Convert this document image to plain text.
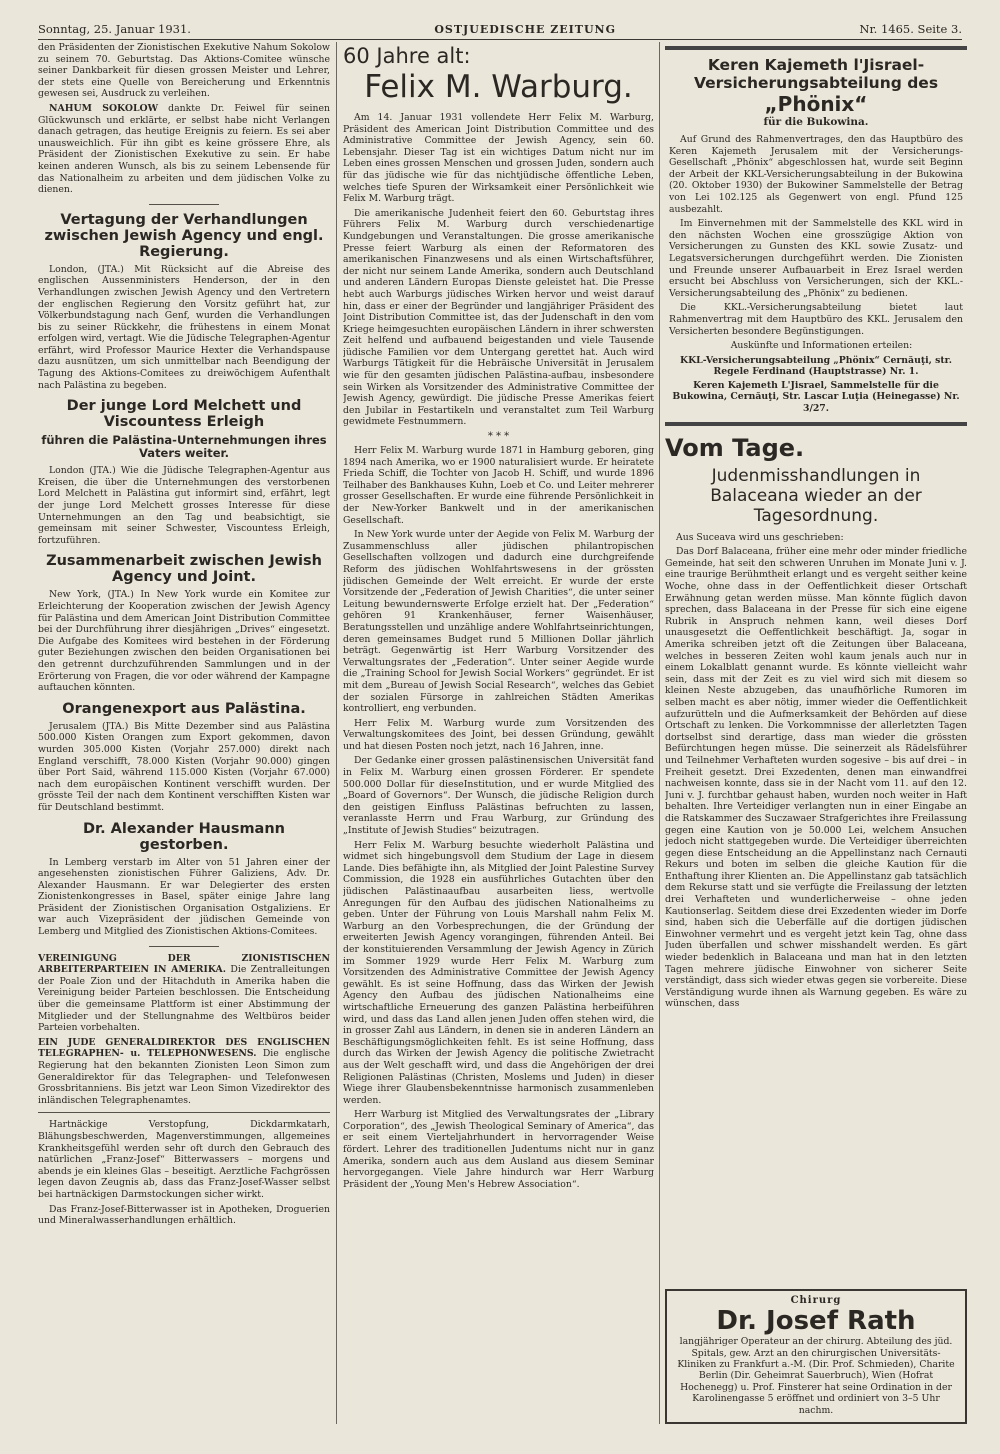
Sonntag, 25. Januar 1931.	OSTJUEDISCHE ZEITUNG	Nr. 1465. Seite 3.

den Präsidenten der Zionistischen Exekutive Nahum Sokolow zu seinem 70. Geburtstag. Das Aktions-Comitee wünsche seiner Dankbarkeit für diesen grossen Meister und Lehrer, der stets eine Quelle von Bereicherung und Erkenntnis gewesen sei, Ausdruck zu verleihen.

NAHUM SOKOLOW dankte Dr. Feiwel für seinen Glückwunsch und erklärte, er selbst habe nicht Verlangen danach getragen, das heutige Ereignis zu feiern. Es sei aber unausweichlich. Für ihn gibt es keine grössere Ehre, als Präsident der Zionistischen Exekutive zu sein. Er habe keinen anderen Wunsch, als bis zu seinem Lebensende für das Nationalheim zu arbeiten und dem jüdischen Volke zu dienen.

Vertagung der Verhandlungen zwischen Jewish Agency und engl. Regierung.

London, (JTA.) Mit Rücksicht auf die Abreise des englischen Aussenministers Henderson, der in den Verhandlungen zwischen Jewish Agency und den Vertretern der englischen Regierung den Vorsitz geführt hat, zur Völkerbundstagung nach Genf, wurden die Verhandlungen bis zu seiner Rückkehr, die frühestens in einem Monat erfolgen wird, vertagt. Wie die Jüdische Telegraphen-Agentur erfährt, wird Professor Maurice Hexter die Verhandspause dazu ausnützen, um sich unmittelbar nach Beendigung der Tagung des Aktions-Comitees zu dreiwöchigem Aufenthalt nach Palästina zu begeben.

Der junge Lord Melchett und Viscountess Erleigh
führen die Palästina-Unternehmungen ihres Vaters weiter.

London (JTA.) Wie die Jüdische Telegraphen-Agentur aus Kreisen, die über die Unternehmungen des verstorbenen Lord Melchett in Palästina gut informirt sind, erfährt, legt der junge Lord Melchett grosses Interesse für diese Unternehmungen an den Tag und beabsichtigt, sie gemeinsam mit seiner Schwester, Viscountess Erleigh, fortzuführen.

Zusammenarbeit zwischen Jewish Agency und Joint.

New York, (JTA.) In New York wurde ein Komitee zur Erleichterung der Kooperation zwischen der Jewish Agency für Palästina und dem American Joint Distribution Committee bei der Durchführung ihrer diesjährigen „Drives“ eingesetzt. Die Aufgabe des Komitees wird bestehen in der Förderung guter Beziehungen zwischen den beiden Organisationen bei den getrennt durchzuführenden Sammlungen und in der Erörterung von Fragen, die vor oder während der Kampagne auftauchen könnten.

Orangenexport aus Palästina.

Jerusalem (JTA.) Bis Mitte Dezember sind aus Palästina 500.000 Kisten Orangen zum Export gekommen, davon wurden 305.000 Kisten (Vorjahr 257.000) direkt nach England verschifft, 78.000 Kisten (Vorjahr 90.000) gingen über Port Said, während 115.000 Kisten (Vorjahr 67.000) nach dem europäischen Kontinent verschifft wurden. Der grösste Teil der nach dem Kontinent verschifften Kisten war für Deutschland bestimmt.

Dr. Alexander Hausmann gestorben.

In Lemberg verstarb im Alter von 51 Jahren einer der angesehensten zionistischen Führer Galiziens, Adv. Dr. Alexander Hausmann. Er war Delegierter des ersten Zionistenkongresses in Basel, später einige Jahre lang Präsident der Zionistischen Organisation Ostgaliziens. Er war auch Vizepräsident der jüdischen Gemeinde von Lemberg und Mitglied des Zionistischen Aktions-Comitees.

VEREINIGUNG DER ZIONISTISCHEN ARBEITERPARTEIEN IN AMERIKA. Die Zentralleitungen der Poale Zion und der Hitachduth in Amerika haben die Vereinigung beider Parteien beschlossen. Die Entscheidung über die gemeinsame Plattform ist einer Abstimmung der Mitglieder und der Stellungnahme des Weltbüros beider Parteien vorbehalten.

EIN JUDE GENERALDIREKTOR DES ENGLISCHEN TELEGRAPHEN- u. TELEPHONWESENS. Die englische Regierung hat den bekannten Zionisten Leon Simon zum Generaldirektor für das Telegraphen- und Telefonwesen Grossbritanniens. Bis jetzt war Leon Simon Vizedirektor des inländischen Telegraphenamtes.

Hartnäckige Verstopfung, Dickdarmkatarh, Blähungsbeschwerden, Magenverstimmungen, allgemeines Krankheitsgefühl werden sehr oft durch den Gebrauch des natürlichen „Franz-Josef“ Bitterwassers – morgens und abends je ein kleines Glas – beseitigt. Aerztliche Fachgrössen legen davon Zeugnis ab, dass das Franz-Josef-Wasser selbst bei hartnäckigen Darmstockungen sicher wirkt.

Das Franz-Josef-Bitterwasser ist in Apotheken, Droguerien und Mineralwasserhandlungen erhältlich.

60 Jahre alt:
Felix M. Warburg.

Am 14. Januar 1931 vollendete Herr Felix M. Warburg, Präsident des American Joint Distribution Committee und des Administrative Committee der Jewish Agency, sein 60. Lebensjahr. Dieser Tag ist ein wichtiges Datum nicht nur im Leben eines grossen Menschen und grossen Juden, sondern auch für das jüdische wie für das nichtjüdische öffentliche Leben, welches tiefe Spuren der Wirksamkeit einer Persönlichkeit wie Felix M. Warburg trägt.

Die amerikanische Judenheit feiert den 60. Geburtstag ihres Führers Felix M. Warburg durch verschiedenartige Kundgebungen und Veranstaltungen. Die grosse amerikanische Presse feiert Warburg als einen der Reformatoren des amerikanischen Finanzwesens und als einen Wirtschaftsführer, der nicht nur seinem Lande Amerika, sondern auch Deutschland und anderen Ländern Europas Dienste geleistet hat. Die Presse hebt auch Warburgs jüdisches Wirken hervor und weist darauf hin, dass er einer der Begründer und langjähriger Präsident des Joint Distribution Committee ist, das der Judenschaft in den vom Kriege heimgesuchten europäischen Ländern in ihrer schwersten Zeit helfend und aufbauend beigestanden und viele Tausende jüdische Familien vor dem Untergang gerettet hat. Auch wird Warburgs Tätigkeit für die Hebräische Universität in Jerusalem wie für den gesamten jüdischen Palästina-aufbau, insbesondere sein Wirken als Vorsitzender des Administrative Committee der Jewish Agency, gewürdigt. Die jüdische Presse Amerikas feiert den Jubilar in Festartikeln und veranstaltet zum Teil Warburg gewidmete Festnummern.

* * *

Herr Felix M. Warburg wurde 1871 in Hamburg geboren, ging 1894 nach Amerika, wo er 1900 naturalisiert wurde. Er heiratete Frieda Schiff, die Tochter von Jacob H. Schiff, und wurde 1896 Teilhaber des Bankhauses Kuhn, Loeb et Co. und Leiter mehrerer grosser Gesellschaften. Er wurde eine führende Persönlichkeit in der New-Yorker Bankwelt und in der amerikanischen Gesellschaft.

In New York wurde unter der Aegide von Felix M. Warburg der Zusammenschluss aller jüdischen philantropischen Gesellschaften vollzogen und dadurch eine durchgreifende Reform des jüdischen Wohlfahrtswesens in der grössten jüdischen Gemeinde der Welt erreicht. Er wurde der erste Vorsitzende der „Federation of Jewish Charities“, die unter seiner Leitung bewundernswerte Erfolge erzielt hat. Der „Federation“ gehören 91 Krankenhäuser, ferner Waisenhäuser, Beratungsstellen und unzählige andere Wohlfahrtseinrichtungen, deren gemeinsames Budget rund 5 Millionen Dollar jährlich beträgt. Gegenwärtig ist Herr Warburg Vorsitzender des Verwaltungsrates der „Federation“. Unter seiner Aegide wurde die „Training School for Jewish Social Workers“ gegründet. Er ist mit dem „Bureau of Jewish Social Research“, welches das Gebiet der sozialen Fürsorge in zahlreichen Städten Amerikas kontrolliert, eng verbunden.

Herr Felix M. Warburg wurde zum Vorsitzenden des Verwaltungskomitees des Joint, bei dessen Gründung, gewählt und hat diesen Posten noch jetzt, nach 16 Jahren, inne.

Der Gedanke einer grossen palästinensischen Universität fand in Felix M. Warburg einen grossen Förderer. Er spendete 500.000 Dollar für dieseInstitution, und er wurde Mitglied des „Board of Governors“. Der Wunsch, die jüdische Religion durch den geistigen Einfluss Palästinas befruchten zu lassen, veranlasste Herrn und Frau Warburg, zur Gründung des „Institute of Jewish Studies“ beizutragen.

Herr Felix M. Warburg besuchte wiederholt Palästina und widmet sich hingebungsvoll dem Studium der Lage in diesem Lande. Dies befähigte ihn, als Mitglied der Joint Palestine Survey Commission, die 1928 ein ausführliches Gutachten über den jüdischen Palästinaaufbau ausarbeiten liess, wertvolle Anregungen für den Aufbau des jüdischen Nationalheims zu geben. Unter der Führung von Louis Marshall nahm Felix M. Warburg an den Vorbesprechungen, die der Gründung der erweiterten Jewish Agency vorangingen, führenden Anteil. Bei der konstituierenden Versammlung der Jewish Agency in Zürich im Sommer 1929 wurde Herr Felix M. Warburg zum Vorsitzenden des Administrative Committee der Jewish Agency gewählt. Es ist seine Hoffnung, dass das Wirken der Jewish Agency den Aufbau des jüdischen Nationalheims eine wirtschaftliche Erneuerung des ganzen Palästina herbeiführen wird, und dass das Land allen jenen Juden offen stehen wird, die in grosser Zahl aus Ländern, in denen sie in anderen Ländern an Beschäftigungsmöglichkeiten fehlt. Es ist seine Hoffnung, dass durch das Wirken der Jewish Agency die politische Zwietracht aus der Welt geschafft wird, und dass die Angehörigen der drei Religionen Palästinas (Christen, Moslems und Juden) in dieser Wiege ihrer Glaubensbekenntnisse harmonisch zusammenleben werden.

Herr Warburg ist Mitglied des Verwaltungsrates der „Library Corporation“, des „Jewish Theological Seminary of America“, das er seit einem Vierteljahrhundert in hervorragender Weise fördert. Lehrer des traditionellen Judentums nicht nur in ganz Amerika, sondern auch aus dem Ausland aus diesem Seminar hervorgegangen. Viele Jahre hindurch war Herr Warburg Präsident der „Young Men's Hebrew Association“.

Keren Kajemeth l'Jisrael-Versicherungsabteilung des
„Phönix“
für die Bukowina.

Auf Grund des Rahmenvertrages, den das Hauptbüro des Keren Kajemeth Jerusalem mit der Versicherungs-Gesellschaft „Phönix“ abgeschlossen hat, wurde seit Beginn der Arbeit der KKL-Versicherungsabteilung in der Bukowina (20. Oktober 1930) der Bukowiner Sammelstelle der Betrag von Lei 102.125 als Gegenwert von engl. Pfund 125 ausbezahlt.

Im Einvernehmen mit der Sammelstelle des KKL wird in den nächsten Wochen eine grosszügige Aktion von Versicherungen zu Gunsten des KKL sowie Zusatz- und Legatsversicherungen durchgeführt werden. Die Zionisten und Freunde unserer Aufbauarbeit in Erez Israel werden ersucht bei Abschluss von Versicherungen, sich der KKL.-Versicherungsabteilung des „Phönix“ zu bedienen.

Die KKL.-Versicherungsabteilung bietet laut Rahmenvertrag mit dem Hauptbüro des KKL. Jerusalem den Versicherten besondere Begünstigungen.

Auskünfte und Informationen erteilen:

KKL-Versicherungsabteilung „Phönix“ Cernăuţi, str. Regele Ferdinand (Hauptstrasse) Nr. 1.
Keren Kajemeth L'Jisrael, Sammelstelle für die Bukowina, Cernăuţi, Str. Lascar Luţia (Heinegasse) Nr. 3/27.
Vom Tage.
Judenmisshandlungen in Balaceana wieder an der Tagesordnung.

Aus Suceava wird uns geschrieben:

Das Dorf Balaceana, früher eine mehr oder minder friedliche Gemeinde, hat seit den schweren Unruhen im Monate Juni v. J. eine traurige Berühmtheit erlangt und es vergeht seither keine Woche, ohne dass in der Oeffentlichkeit dieser Ortschaft Erwähnung getan werden müsse. Man könnte füglich davon sprechen, dass Balaceana in der Presse für sich eine eigene Rubrik in Anspruch nehmen kann, weil dieses Dorf unausgesetzt die Oeffentlichkeit beschäftigt. Ja, sogar in Amerika schreiben jetzt oft die Zeitungen über Balaceana, welches in besseren Zeiten wohl kaum jenals auch nur in einem Lokalblatt genannt wurde. Es könnte vielleicht wahr sein, dass mit der Zeit es zu viel wird sich mit diesem so kleinen Neste abzugeben, das unaufhörliche Rumoren im selben macht es aber nötig, immer wieder die Oeffentlichkeit aufzurütteln und die Aufmerksamkeit der Behörden auf diese Ortschaft zu lenken. Die Vorkommnisse der allerletzten Tagen dortselbst sind derartige, dass man wieder die grössten Befürchtungen hegen müsse. Die seinerzeit als Rädelsführer und Teilnehmer Verhafteten wurden sogesive – bis auf drei – in Freiheit gesetzt. Drei Exzedenten, denen man einwandfrei nachweisen konnte, dass sie in der Nacht vom 11. auf den 12. Juni v. J. furchtbar gehaust haben, wurden noch weiter in Haft behalten. Ihre Verteidiger verlangten nun in einer Eingabe an die Ratskammer des Suczawaer Strafgerichtes ihre Freilassung gegen eine Kaution von je 50.000 Lei, welchem Ansuchen jedoch nicht stattgegeben wurde. Die Verteidiger überreichten gegen diese Entscheidung an die Appellinstanz nach Cernauti Rekurs und boten im selben die gleiche Kaution für die Enthaftung ihrer Klienten an. Die Appellinstanz gab tatsächlich dem Rekurse statt und sie verfügte die Freilassung der letzten drei Verhafteten und wunderlicherweise – ohne jeden Kautionserlag. Seitdem diese drei Exzedenten wieder im Dorfe sind, haben sich die Ueberfälle auf die dortigen jüdischen Einwohner vermehrt und es vergeht jetzt kein Tag, ohne dass Juden überfallen und schwer misshandelt werden. Es gärt wieder bedenklich in Balaceana und man hat in den letzten Tagen mehrere jüdische Einwohner von sicherer Seite verständigt, dass sich wieder etwas gegen sie vorbereite. Diese Verständigung wurde ihnen als Warnung gegeben. Es wäre zu wünschen, dass

Chirurg
Dr. Josef Rath

langjähriger Operateur an der chirurg. Abteilung des jüd. Spitals, gew. Arzt an den chirurgischen Universitäts-Kliniken zu Frankfurt a.-M. (Dir. Prof. Schmieden), Charite Berlin (Dir. Geheimrat Sauerbruch), Wien (Hofrat Hochenegg) u. Prof. Finsterer hat seine Ordination in der Karolinengasse 5 eröffnet und ordiniert von 3–5 Uhr nachm.
